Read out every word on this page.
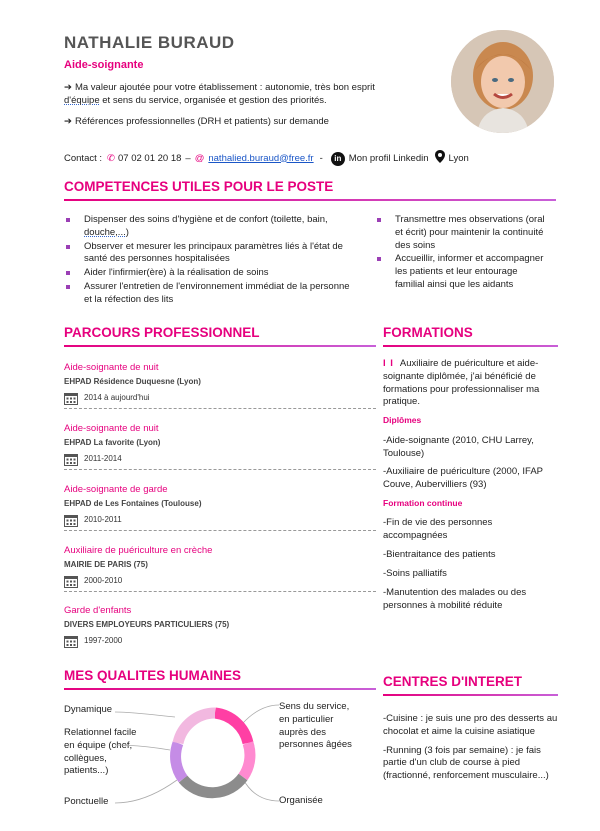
NATHALIE BURAUD
Aide-soignante

➔ Ma valeur ajoutée pour votre établissement : autonomie, très bon esprit
d'équipe et sens du service, organisée et gestion des priorités.

➔ Références professionnelles (DRH et patients) sur demande

Contact : ✆ 07 02 01 20 18 – @ nathalied.buraud@free.fr -	in Mon profil Linkedin Lyon
COMPETENCES UTILES POUR LE POSTE
Dispenser des soins d'hygiène et de confort (toilette, bain, douche,...)
Observer et mesurer les principaux paramètres liés à l'état de santé des personnes hospitalisées
Aider l'infirmier(ère) à la réalisation de soins
Assurer l'entretien de l'environnement immédiat de la personne et la réfection des lits
Transmettre mes observations (oral et écrit) pour maintenir la continuité des soins
Accueillir, informer et accompagner les patients et leur entourage familial ainsi que les aidants
PARCOURS PROFESSIONNEL
Aide-soignante de nuit
EHPAD Résidence Duquesne (Lyon)
2014 à aujourd'hui
Aide-soignante de nuit
EHPAD La favorite (Lyon)
2011-2014
Aide-soignante de garde
EHPAD de Les Fontaines (Toulouse)
2010-2011
Auxiliaire de puériculture en crèche
MAIRIE DE PARIS (75)
2000-2010
Garde d'enfants
DIVERS EMPLOYEURS PARTICULIERS (75)
1997-2000
FORMATIONS

I I Auxiliaire de puériculture et aide-soignante diplômée, j'ai bénéficié de formations pour professionnaliser ma pratique.

Diplômes

-Aide-soignante (2010, CHU Larrey, Toulouse)

-Auxiliaire de puériculture (2000, IFAP Couve, Aubervilliers (93)

Formation continue

-Fin de vie des personnes accompagnées

-Bientraitance des patients

-Soins palliatifs

-Manutention des malades ou des personnes à mobilité réduite

MES QUALITES HUMAINES
Dynamique
Relationnel facile en équipe (chef, collègues, patients...)
Ponctuelle
Sens du service, en particulier auprès des personnes âgées
Organisée
CENTRES D'INTERET

-Cuisine : je suis une pro des desserts au chocolat et aime la cuisine asiatique

-Running (3 fois par semaine) : je fais partie d'un club de course à pied (fractionné, renforcement musculaire...)
